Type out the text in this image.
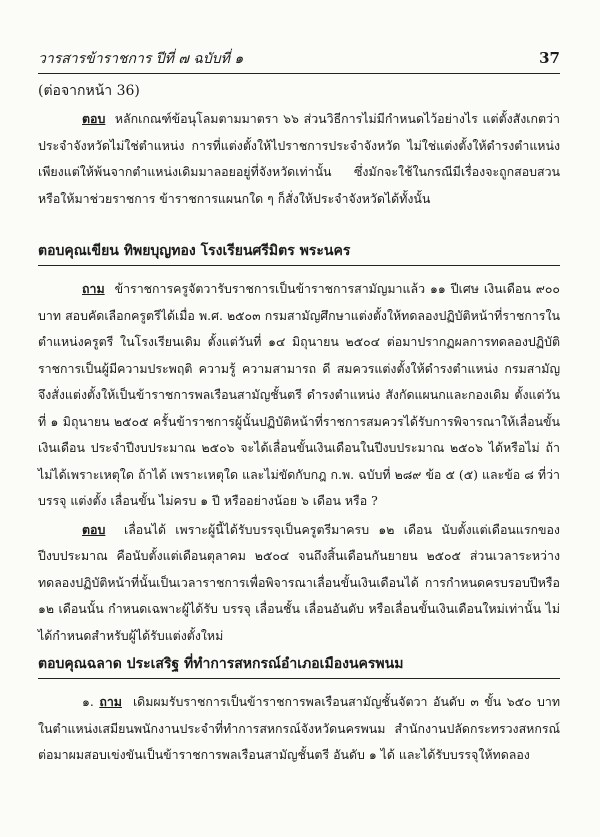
วารสารข้าราชการ ปีที่ ๗ ฉบับที่ ๑	37
(ต่อจากหน้า 36)

ตอบ หลักเกณฑ์ข้อนุโลมตามมาตรา ๖๖ ส่วนวิธีการไม่มีกำหนดไว้อย่างไร แต่ตั้งสังเกตว่า ประจำจังหวัดไม่ใช่ตำแหน่ง การที่แต่งตั้งให้ไปราชการประจำจังหวัด ไม่ใช่แต่งตั้งให้ดำรงตำแหน่ง เพียงแต่ให้พ้นจากตำแหน่งเดิมมาลอยอยู่ที่จังหวัดเท่านั้น ซึ่งมักจะใช้ในกรณีมีเรื่องจะถูกสอบสวน หรือให้มาช่วยราชการ ข้าราชการแผนกใด ๆ ก็สั่งให้ประจำจังหวัดได้ทั้งนั้น

ตอบคุณเขียน ทิพยบุญทอง โรงเรียนศรีมิตร พระนคร

ถาม ข้าราชการครูจัตวารับราชการเป็นข้าราชการสามัญมาแล้ว ๑๑ ปีเศษ เงินเดือน ๙๐๐ บาท สอบคัดเลือกครูตรีได้เมื่อ พ.ศ. ๒๕๐๓ กรมสามัญศึกษาแต่งตั้งให้ทดลองปฏิบัติหน้าที่ราชการในตำแหน่งครูตรี ในโรงเรียนเดิม ตั้งแต่วันที่ ๑๔ มิถุนายน ๒๕๐๔ ต่อมาปรากฏผลการทดลองปฏิบัติราชการเป็นผู้มีความประพฤติ ความรู้ ความสามารถ ดี สมควรแต่งตั้งให้ดำรงตำแหน่ง กรมสามัญจึงสั่งแต่งตั้งให้เป็นข้าราชการพลเรือนสามัญชั้นตรี ดำรงตำแหน่ง สังกัดแผนกและกองเดิม ตั้งแต่วันที่ ๑ มิถุนายน ๒๕๐๕ ครั้นข้าราชการผู้นั้นปฏิบัติหน้าที่ราชการสมควรได้รับการพิจารณาให้เลื่อนขั้นเงินเดือน ประจำปีงบประมาณ ๒๕๐๖ จะได้เลื่อนขั้นเงินเดือนในปีงบประมาณ ๒๕๐๖ ได้หรือไม่ ถ้าไม่ได้เพราะเหตุใด ถ้าได้ เพราะเหตุใด และไม่ขัดกับกฎ ก.พ. ฉบับที่ ๒๘๙ ข้อ ๕ (๕) และข้อ ๘ ที่ว่าบรรจุ แต่งตั้ง เลื่อนขั้น ไม่ครบ ๑ ปี หรืออย่างน้อย ๖ เดือน หรือ ?

ตอบ เลื่อนได้ เพราะผู้นี้ได้รับบรรจุเป็นครูตรีมาครบ ๑๒ เดือน นับตั้งแต่เดือนแรกของปีงบประมาณ คือนับตั้งแต่เดือนตุลาคม ๒๕๐๔ จนถึงสิ้นเดือนกันยายน ๒๕๐๕ ส่วนเวลาระหว่างทดลองปฏิบัติหน้าที่นั้นเป็นเวลาราชการเพื่อพิจารณาเลื่อนขั้นเงินเดือนได้ การกำหนดครบรอบปีหรือ ๑๒ เดือนนั้น กำหนดเฉพาะผู้ได้รับ บรรจุ เลื่อนชั้น เลื่อนอันดับ หรือเลื่อนขั้นเงินเดือนใหม่เท่านั้น ไม่ได้กำหนดสำหรับผู้ได้รับแต่งตั้งใหม่

ตอบคุณฉลาด ประเสริฐ ที่ทำการสหกรณ์อำเภอเมืองนครพนม

๑. ถาม เดิมผมรับราชการเป็นข้าราชการพลเรือนสามัญชั้นจัตวา อันดับ ๓ ขั้น ๖๕๐ บาท ในตำแหน่งเสมียนพนักงานประจำที่ทำการสหกรณ์จังหวัดนครพนม สำนักงานปลัดกระทรวงสหกรณ์ ต่อมาผมสอบเข่งขันเป็นข้าราชการพลเรือนสามัญชั้นตรี อันดับ ๑ ได้ และได้รับบรรจุให้ทดลอง
